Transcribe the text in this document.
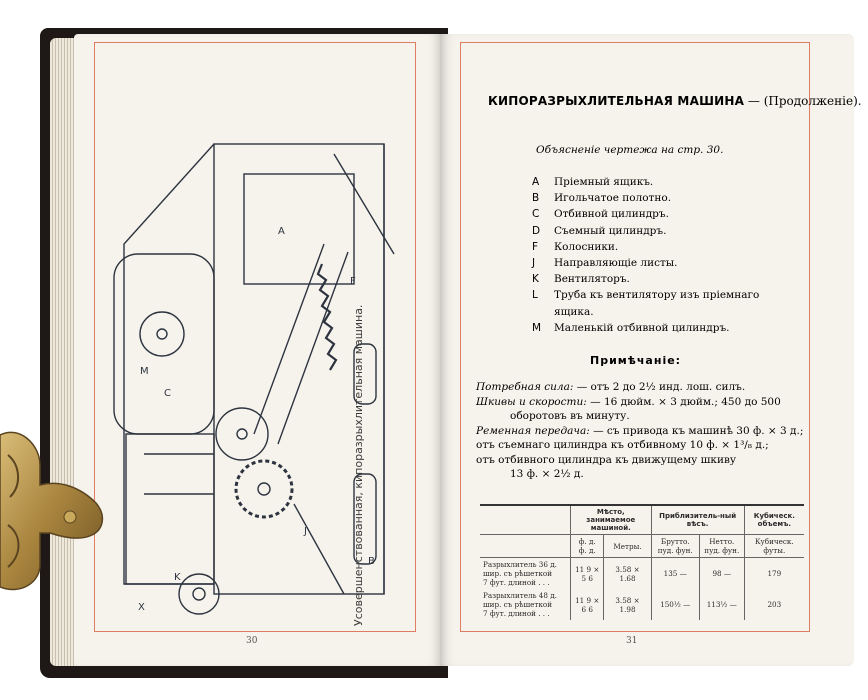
A
F
C
M
J
X
K
B
Усовершенствованная, кипоразрыхлительная машина.
30
КИПОРАЗРЫХЛИТЕЛЬНАЯ МАШИНА — (Продолженіе).
Объясненіе чертежа на стр. 30.
A	Пріемный ящикъ.
B	Игольчатое полотно.
C	Отбивной цилиндръ.
D	Съемный цилиндръ.
F	Колосники.
J	Направляющіе листы.
K	Вентиляторъ.
L	Труба къ вентилятору изъ пріемнаго
ящика.
M	Маленькій отбивной цилиндръ.
Примѣчаніе:

Потребная сила: — отъ 2 до 2½ инд. лош. силъ.

Шкивы и скорости: — 16 дюйм. × 3 дюйм.; 450 до 500

оборотовъ въ минуту.

Ременная передача: — съ привода къ машинѣ 30 ф. × 3 д.;

отъ съемнаго цилиндра къ отбивному 10 ф. × 1³/₈ д.;

отъ отбивного цилиндра къ движущему шкиву

13 ф. × 2½ д.

	Мѣсто, занимаемое машиной.		Приблизитель-ный вѣсъ.		Кубическ. объемъ.
	ф. д. ф. д.	Метры.	Брутто. пуд. фун.	Нетто. пуд. фун.	Кубическ. футы.
Разрыхлитель 36 д.
шир. съ рѣшеткой
7 фут. длиной . . .	11 9 × 5 6	3.58 × 1.68	135 —	98 —	179
Разрыхлитель 48 д.
шир. съ рѣшеткой
7 фут. длиной . . .	11 9 × 6 6	3.58 × 1.98	150½ —	113½ —	203
31
